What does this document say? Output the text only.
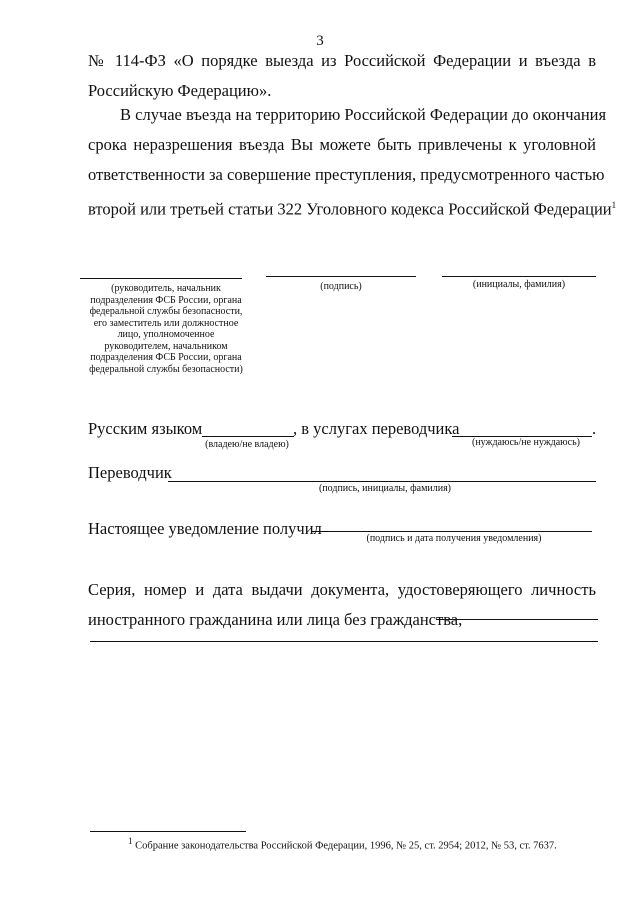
3
№ 114-ФЗ «О порядке выезда из Российской Федерации и въезда в
Российскую Федерацию».
В случае въезда на территорию Российской Федерации до окончания
срока неразрешения въезда Вы можете быть привлечены к уголовной
ответственности за совершение преступления, предусмотренного частью
второй или третьей статьи 322 Уголовного кодекса Российской Федерации$^1$
(руководитель, начальник подразделения ФСБ России, органа федеральной службы безопасности, его заместитель или должностное лицо, уполномоченное руководителем, начальником подразделения ФСБ России, органа федеральной службы безопасности)
(подпись)	(инициалы, фамилия)
Русским языком	, в услугах переводчика	.
(владею/не владею)	(нуждаюсь/не нуждаюсь)
Переводчик
(подпись, инициалы, фамилия)
Настоящее уведомление получил
(подпись и дата получения уведомления)
Серия, номер и дата выдачи документа, удостоверяющего личность
иностранного гражданина или лица без гражданства,
1 Собрание законодательства Российской Федерации, 1996, № 25, ст. 2954; 2012, № 53, ст. 7637.
